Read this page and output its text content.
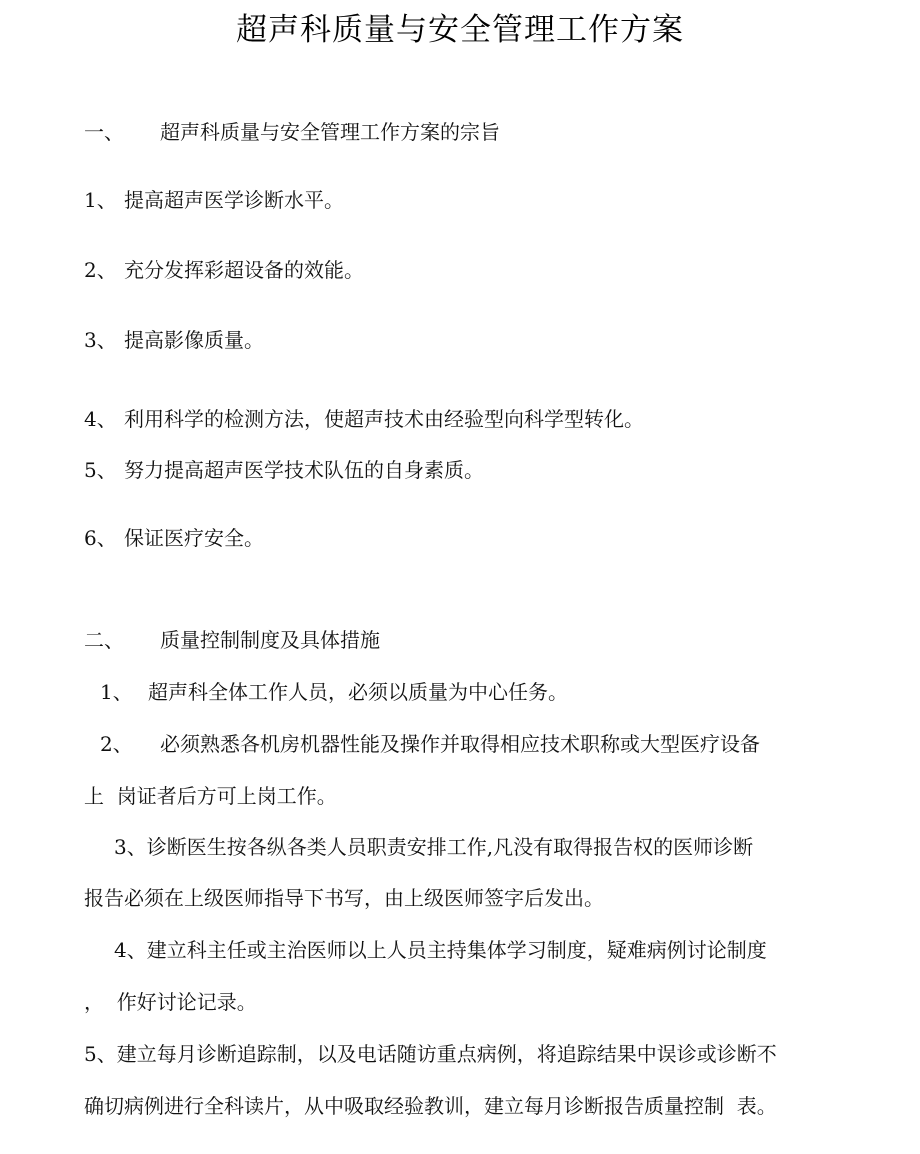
超声科质量与安全管理工作方案
一、 超声科质量与安全管理工作方案的宗旨
1、 提高超声医学诊断水平。
2、 充分发挥彩超设备的效能。
3、 提高影像质量。
4、 利用科学的检测方法，使超声技术由经验型向科学型转化。
5、 努力提高超声医学技术队伍的自身素质。
6、 保证医疗安全。
二、 质量控制制度及具体措施
1、 超声科全体工作人员，必须以质量为中心任务。
2、 必须熟悉各机房机器性能及操作并取得相应技术职称或大型医疗设备
上  岗证者后方可上岗工作。
3、诊断医生按各纵各类人员职责安排工作,凡没有取得报告权的医师诊断
报告必须在上级医师指导下书写，由上级医师签字后发出。
4、建立科主任或主治医师以上人员主持集体学习制度，疑难病例讨论制度
，  作好讨论记录。
5、建立每月诊断追踪制，以及电话随访重点病例，将追踪结果中误诊或诊断不
确切病例进行全科读片，从中吸取经验教训，建立每月诊断报告质量控制  表。
